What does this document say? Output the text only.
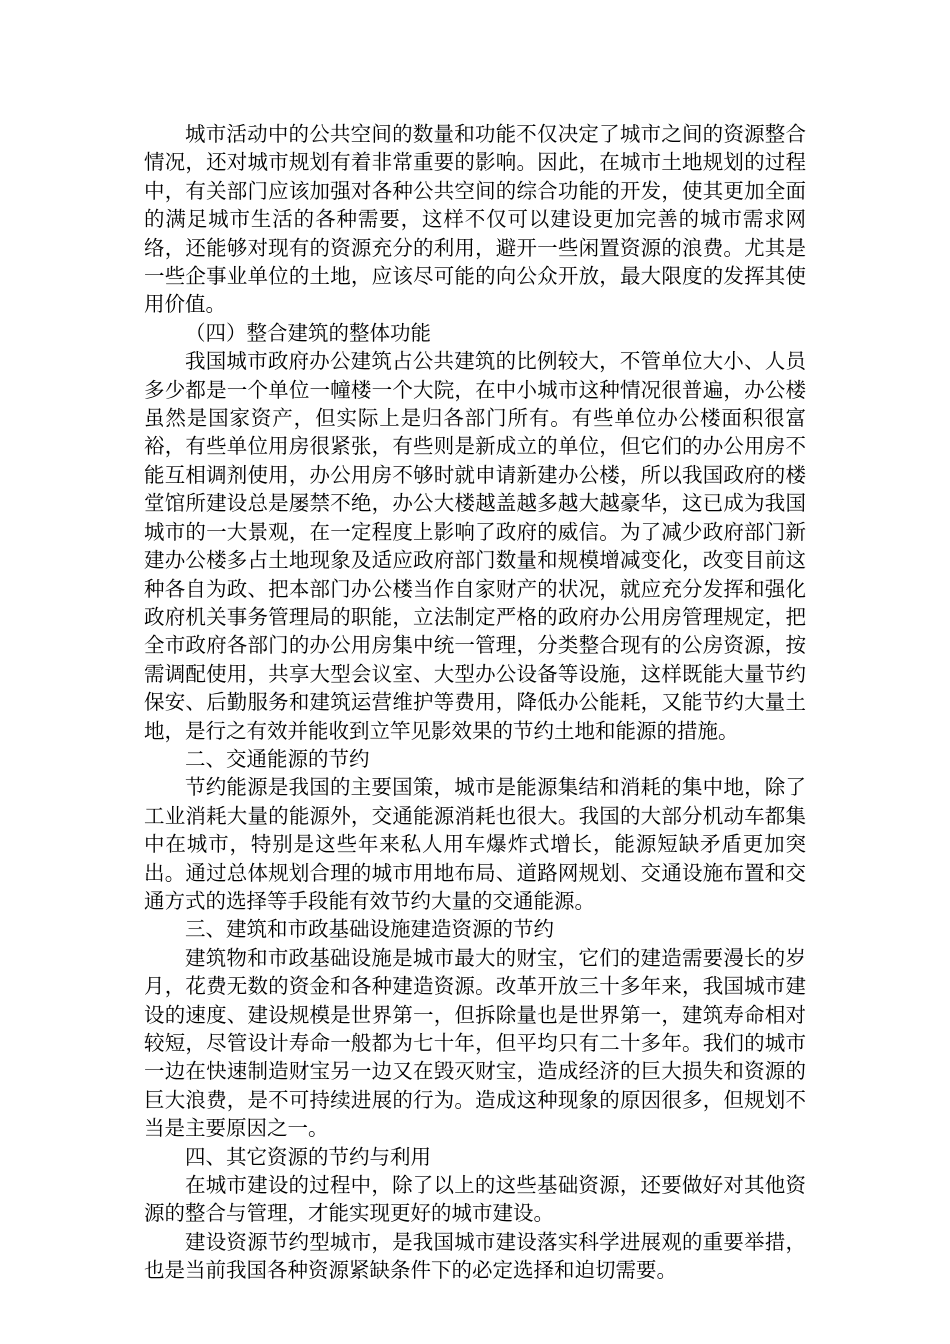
城市活动中的公共空间的数量和功能不仅决定了城市之间的资源整合情况，还对城市规划有着非常重要的影响。因此，在城市土地规划的过程中，有关部门应该加强对各种公共空间的综合功能的开发，使其更加全面的满足城市生活的各种需要，这样不仅可以建设更加完善的城市需求网络，还能够对现有的资源充分的利用，避开一些闲置资源的浪费。尤其是一些企事业单位的土地，应该尽可能的向公众开放，最大限度的发挥其使用价值。

（四）整合建筑的整体功能

我国城市政府办公建筑占公共建筑的比例较大，不管单位大小、人员多少都是一个单位一幢楼一个大院，在中小城市这种情况很普遍，办公楼虽然是国家资产，但实际上是归各部门所有。有些单位办公楼面积很富裕，有些单位用房很紧张，有些则是新成立的单位，但它们的办公用房不能互相调剂使用，办公用房不够时就申请新建办公楼，所以我国政府的楼堂馆所建设总是屡禁不绝，办公大楼越盖越多越大越豪华，这已成为我国城市的一大景观，在一定程度上影响了政府的威信。为了减少政府部门新建办公楼多占土地现象及适应政府部门数量和规模增减变化，改变目前这种各自为政、把本部门办公楼当作自家财产的状况，就应充分发挥和强化政府机关事务管理局的职能，立法制定严格的政府办公用房管理规定，把全市政府各部门的办公用房集中统一管理，分类整合现有的公房资源，按需调配使用，共享大型会议室、大型办公设备等设施，这样既能大量节约保安、后勤服务和建筑运营维护等费用，降低办公能耗，又能节约大量土地，是行之有效并能收到立竿见影效果的节约土地和能源的措施。

二、交通能源的节约

节约能源是我国的主要国策，城市是能源集结和消耗的集中地，除了工业消耗大量的能源外，交通能源消耗也很大。我国的大部分机动车都集中在城市，特别是这些年来私人用车爆炸式增长，能源短缺矛盾更加突出。通过总体规划合理的城市用地布局、道路网规划、交通设施布置和交通方式的选择等手段能有效节约大量的交通能源。

三、建筑和市政基础设施建造资源的节约

建筑物和市政基础设施是城市最大的财宝，它们的建造需要漫长的岁月，花费无数的资金和各种建造资源。改革开放三十多年来，我国城市建设的速度、建设规模是世界第一，但拆除量也是世界第一，建筑寿命相对较短，尽管设计寿命一般都为七十年，但平均只有二十多年。我们的城市一边在快速制造财宝另一边又在毁灭财宝，造成经济的巨大损失和资源的巨大浪费，是不可持续进展的行为。造成这种现象的原因很多，但规划不当是主要原因之一。

四、其它资源的节约与利用

在城市建设的过程中，除了以上的这些基础资源，还要做好对其他资源的整合与管理，才能实现更好的城市建设。

建设资源节约型城市，是我国城市建设落实科学进展观的重要举措，也是当前我国各种资源紧缺条件下的必定选择和迫切需要。
